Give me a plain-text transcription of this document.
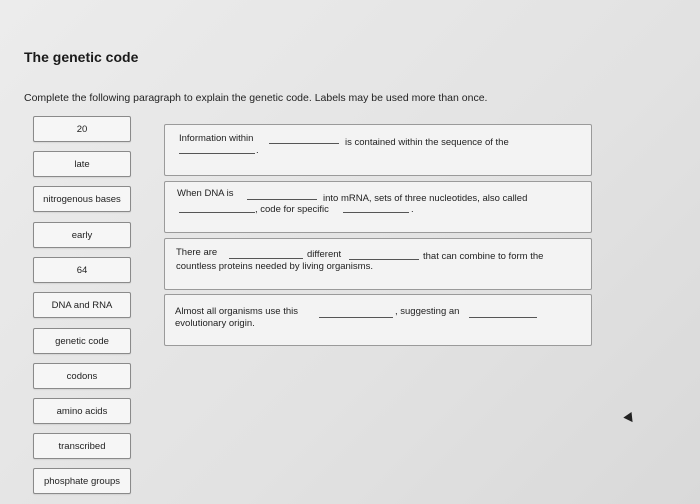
The genetic code
Complete the following paragraph to explain the genetic code. Labels may be used more than once.
20
late
nitrogenous bases
early
64
DNA and RNA
genetic code
codons
amino acids
transcribed
phosphate groups
Information within	is contained within the sequence of the
.
When DNA is	into mRNA, sets of three nucleotides, also called
, code for specific	.
There are	different	that can combine to form the
countless proteins needed by living organisms.
Almost all organisms use this	, suggesting an
evolutionary origin.
